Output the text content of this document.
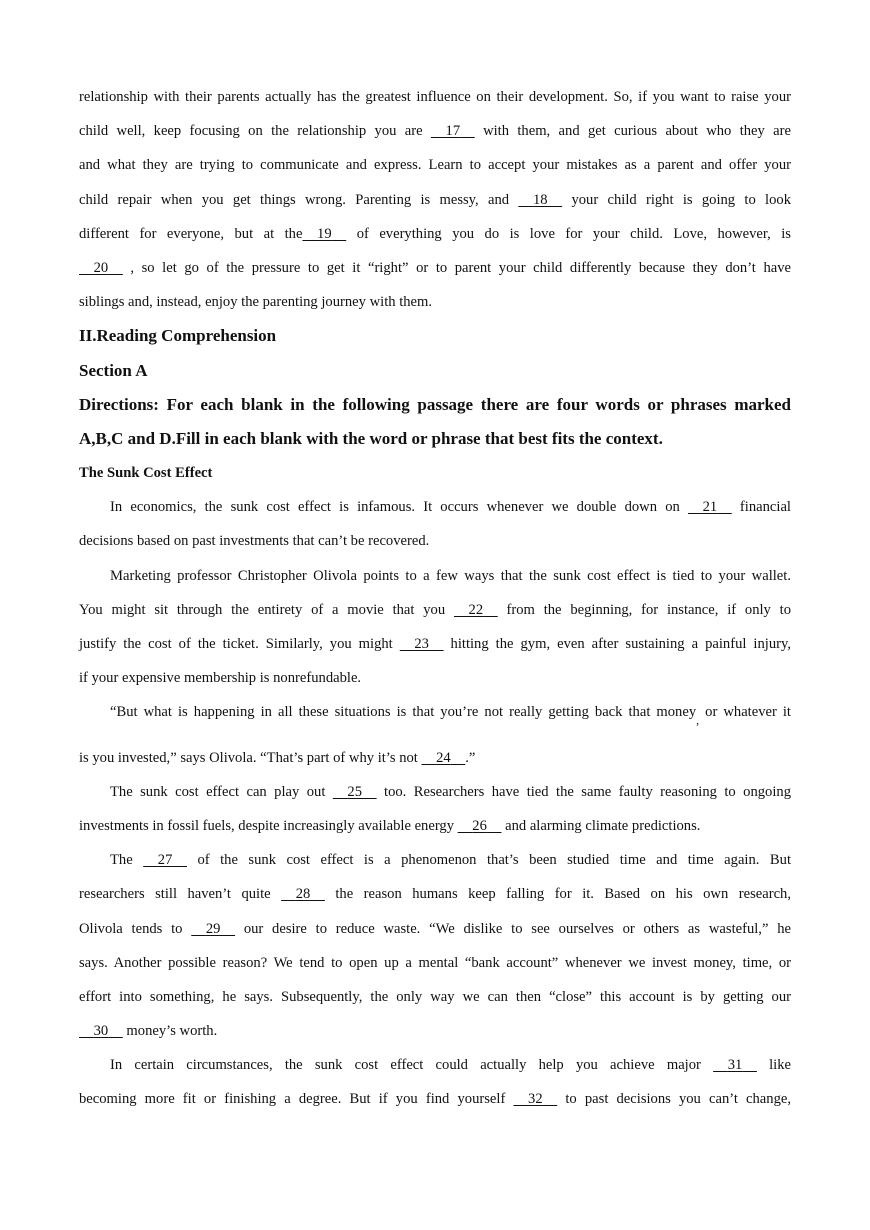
relationship with their parents actually has the greatest influence on their development. So, if you want to raise your
child well, keep focusing on the relationship you are     17     with them, and get curious about who they are
and what they are trying to communicate and express. Learn to accept your mistakes as a parent and offer your
child repair when you get things wrong. Parenting is messy, and     18     your child right is going to look
different for everyone, but at the 19     of everything you do is love for your child. Love, however, is
20     , so let go of the pressure to get it “right” or to parent your child differently because they don’t have
siblings and, instead, enjoy the parenting journey with them.
II.Reading Comprehension
Section A
Directions: For each blank in the following passage there are four words or phrases marked
A,B,C and D.Fill in each blank with the word or phrase that best fits the context.
The Sunk Cost Effect
In economics, the sunk cost effect is infamous. It occurs whenever we double down on     21     financial
decisions based on past investments that can’t be recovered.
Marketing professor Christopher Olivola points to a few ways that the sunk cost effect is tied to your wallet.
You might sit through the entirety of a movie that you     22     from the beginning, for instance, if only to
justify the cost of the ticket. Similarly, you might     23     hitting the gym, even after sustaining a painful injury,
if your expensive membership is nonrefundable.
“But what is happening in all these situations is that you’re not really getting back that money$_,$ or whatever it
is you invested,” says Olivola. “That’s part of why it’s not     24 .”
The sunk cost effect can play out     25     too. Researchers have tied the same faulty reasoning to ongoing
investments in fossil fuels, despite increasingly available energy     26     and alarming climate predictions.
The     27     of the sunk cost effect is a phenomenon that’s been studied time and time again. But
researchers still haven’t quite     28     the reason humans keep falling for it. Based on his own research,
Olivola tends to     29     our desire to reduce waste. “We dislike to see ourselves or others as wasteful,” he
says. Another possible reason? We tend to open up a mental “bank account” whenever we invest money, time, or
effort into something, he says. Subsequently, the only way we can then “close” this account is by getting our
30     money’s worth.
In certain circumstances, the sunk cost effect could actually help you achieve major     31     like
becoming more fit or finishing a degree. But if you find yourself     32     to past decisions you can’t change,
